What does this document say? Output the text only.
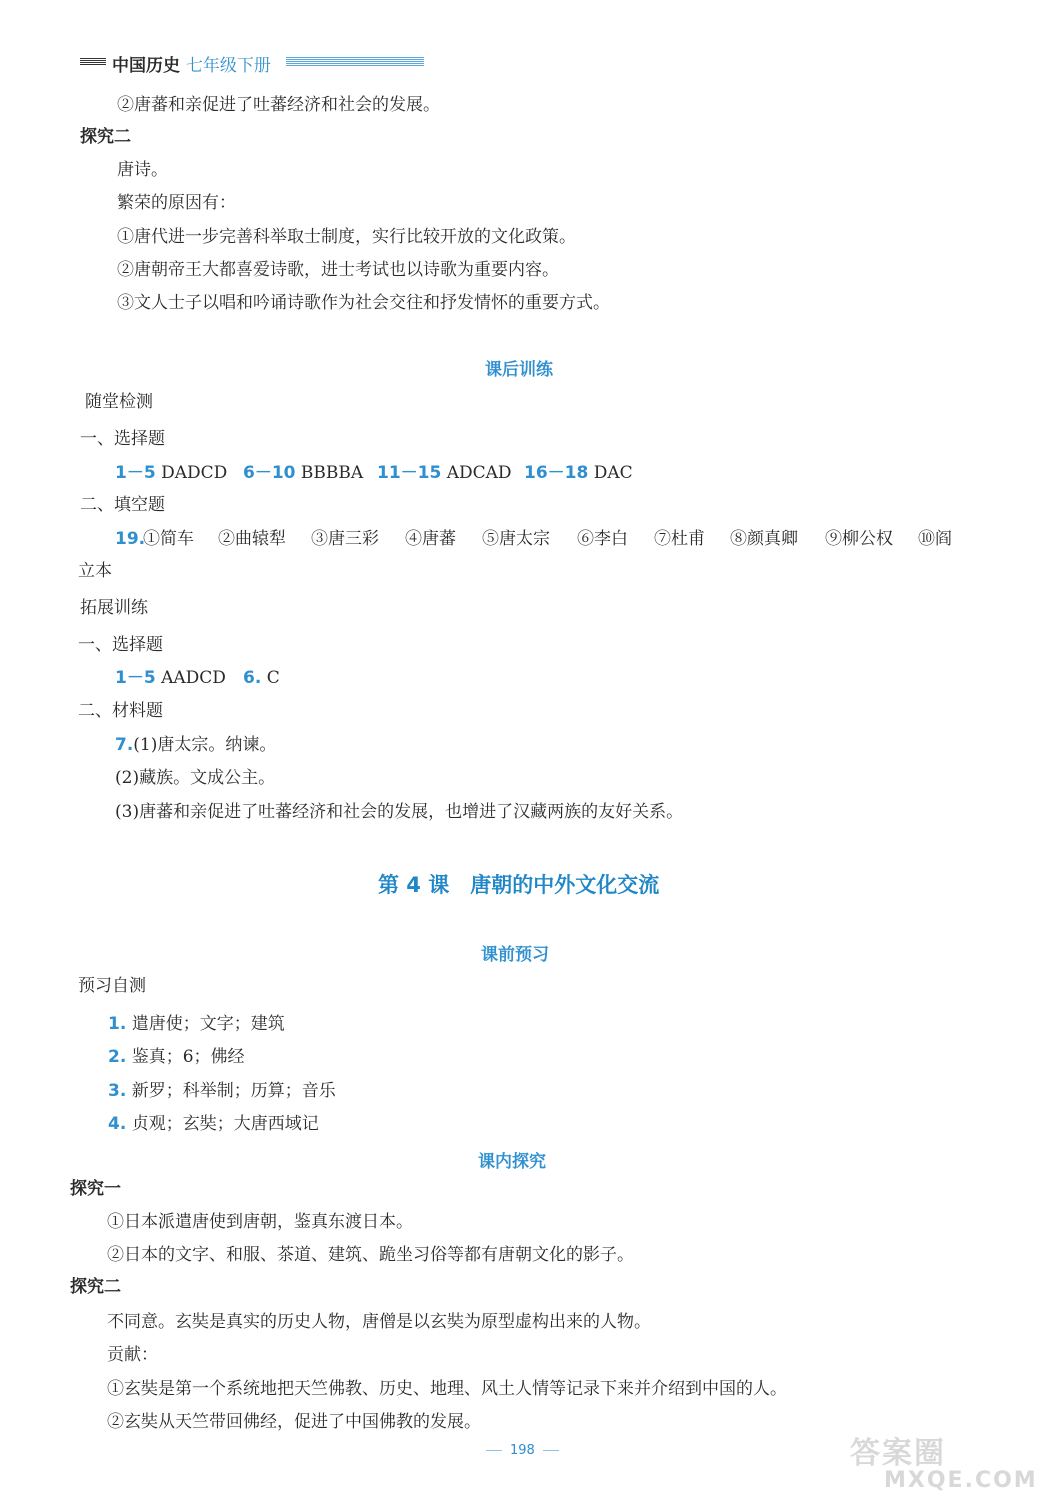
中国历史 七年级下册
②唐蕃和亲促进了吐蕃经济和社会的发展。
探究二
唐诗。
繁荣的原因有：
①唐代进一步完善科举取士制度，实行比较开放的文化政策。
②唐朝帝王大都喜爱诗歌，进士考试也以诗歌为重要内容。
③文人士子以唱和吟诵诗歌作为社会交往和抒发情怀的重要方式。
课后训练
随堂检测
一、选择题
1－5 DADCD 6－10 BBBBA 11－15 ADCAD 16－18 DAC
二、填空题
19.
①简车 ②曲辕犁 ③唐三彩 ④唐蕃 ⑤唐太宗 ⑥李白 ⑦杜甫 ⑧颜真卿 ⑨柳公权 ⑩阎
立本
拓展训练
一、选择题
1－5 AADCD 6. C
二、材料题
7.(1)唐太宗。纳谏。
(2)藏族。文成公主。
(3)唐蕃和亲促进了吐蕃经济和社会的发展，也增进了汉藏两族的友好关系。
第 4 课　唐朝的中外文化交流
课前预习
预习自测
1. 遣唐使；文字；建筑
2. 鉴真；6；佛经
3. 新罗；科举制；历算；音乐
4. 贞观；玄奘；大唐西域记
课内探究
探究一
①日本派遣唐使到唐朝，鉴真东渡日本。
②日本的文字、和服、茶道、建筑、跪坐习俗等都有唐朝文化的影子。
探究二
不同意。玄奘是真实的历史人物，唐僧是以玄奘为原型虚构出来的人物。
贡献：
①玄奘是第一个系统地把天竺佛教、历史、地理、风土人情等记录下来并介绍到中国的人。
②玄奘从天竺带回佛经，促进了中国佛教的发展。
198	答案圈
MXQE.COM
